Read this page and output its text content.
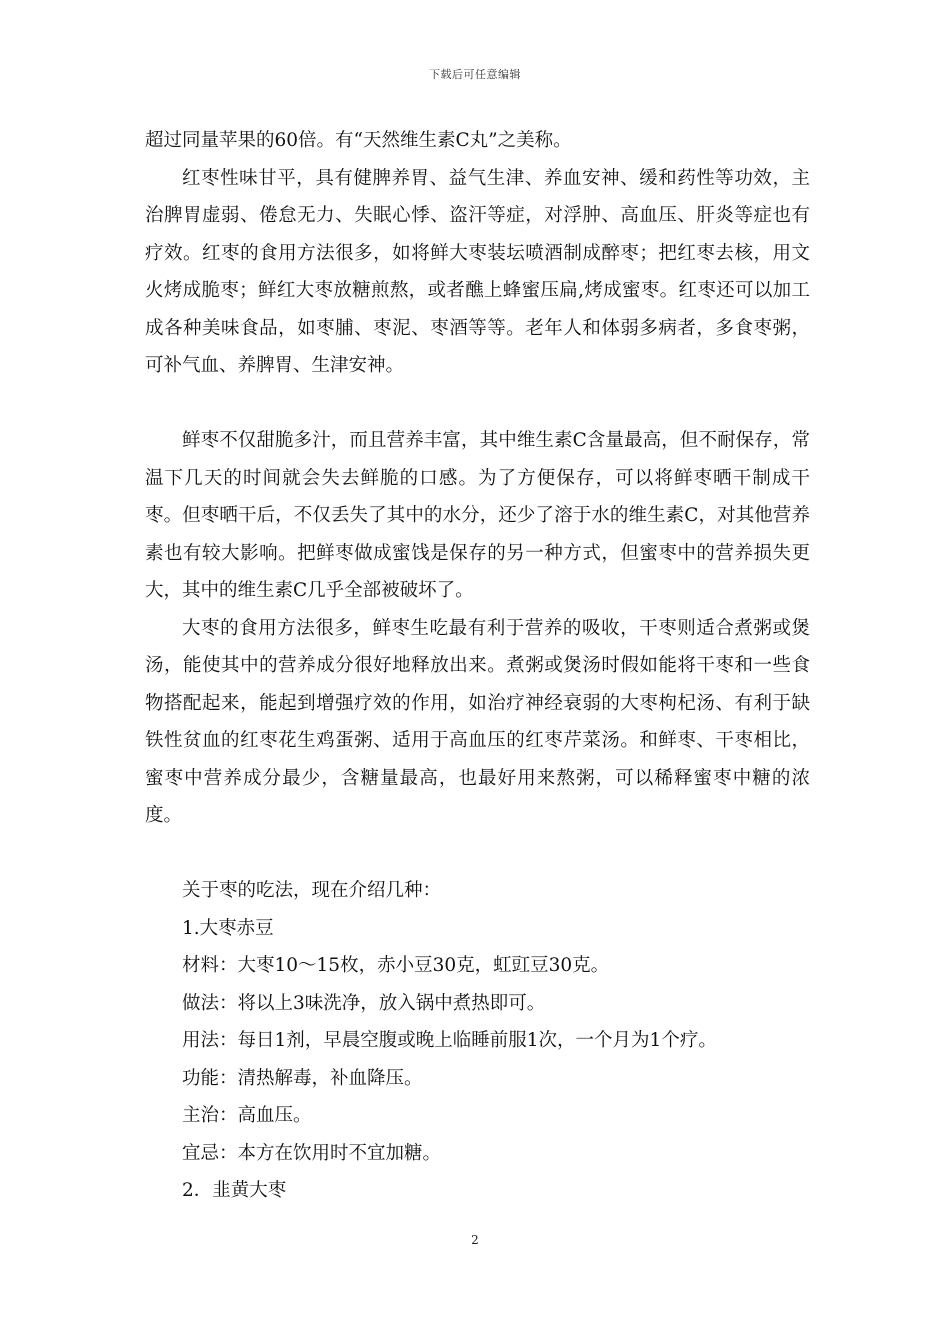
下载后可任意编辑

超过同量苹果的60倍。有“天然维生素C丸”之美称。

红枣性味甘平，具有健脾养胃、益气生津、养血安神、缓和药性等功效，主治脾胃虚弱、倦怠无力、失眠心悸、盗汗等症，对浮肿、高血压、肝炎等症也有疗效。红枣的食用方法很多，如将鲜大枣装坛喷酒制成醉枣；把红枣去核，用文火烤成脆枣；鲜红大枣放糖煎熬，或者醮上蜂蜜压扁,烤成蜜枣。红枣还可以加工成各种美味食品，如枣脯、枣泥、枣酒等等。老年人和体弱多病者，多食枣粥，可补气血、养脾胃、生津安神。

鲜枣不仅甜脆多汁，而且营养丰富，其中维生素C含量最高，但不耐保存，常温下几天的时间就会失去鲜脆的口感。为了方便保存，可以将鲜枣晒干制成干枣。但枣晒干后，不仅丢失了其中的水分，还少了溶于水的维生素C，对其他营养素也有较大影响。把鲜枣做成蜜饯是保存的另一种方式，但蜜枣中的营养损失更大，其中的维生素C几乎全部被破坏了。

大枣的食用方法很多，鲜枣生吃最有利于营养的吸收，干枣则适合煮粥或煲汤，能使其中的营养成分很好地释放出来。煮粥或煲汤时假如能将干枣和一些食物搭配起来，能起到增强疗效的作用，如治疗神经衰弱的大枣枸杞汤、有利于缺铁性贫血的红枣花生鸡蛋粥、适用于高血压的红枣芹菜汤。和鲜枣、干枣相比，蜜枣中营养成分最少，含糖量最高，也最好用来熬粥，可以稀释蜜枣中糖的浓度。

关于枣的吃法，现在介绍几种：

1.大枣赤豆

材料：大枣10～15枚，赤小豆30克，虹豇豆30克。

做法：将以上3味洗净，放入锅中煮热即可。

用法：每日1剂，早晨空腹或晚上临睡前服1次，一个月为1个疗。

功能：清热解毒，补血降压。

主治：高血压。

宜忌：本方在饮用时不宜加糖。

2．韭黄大枣

2
